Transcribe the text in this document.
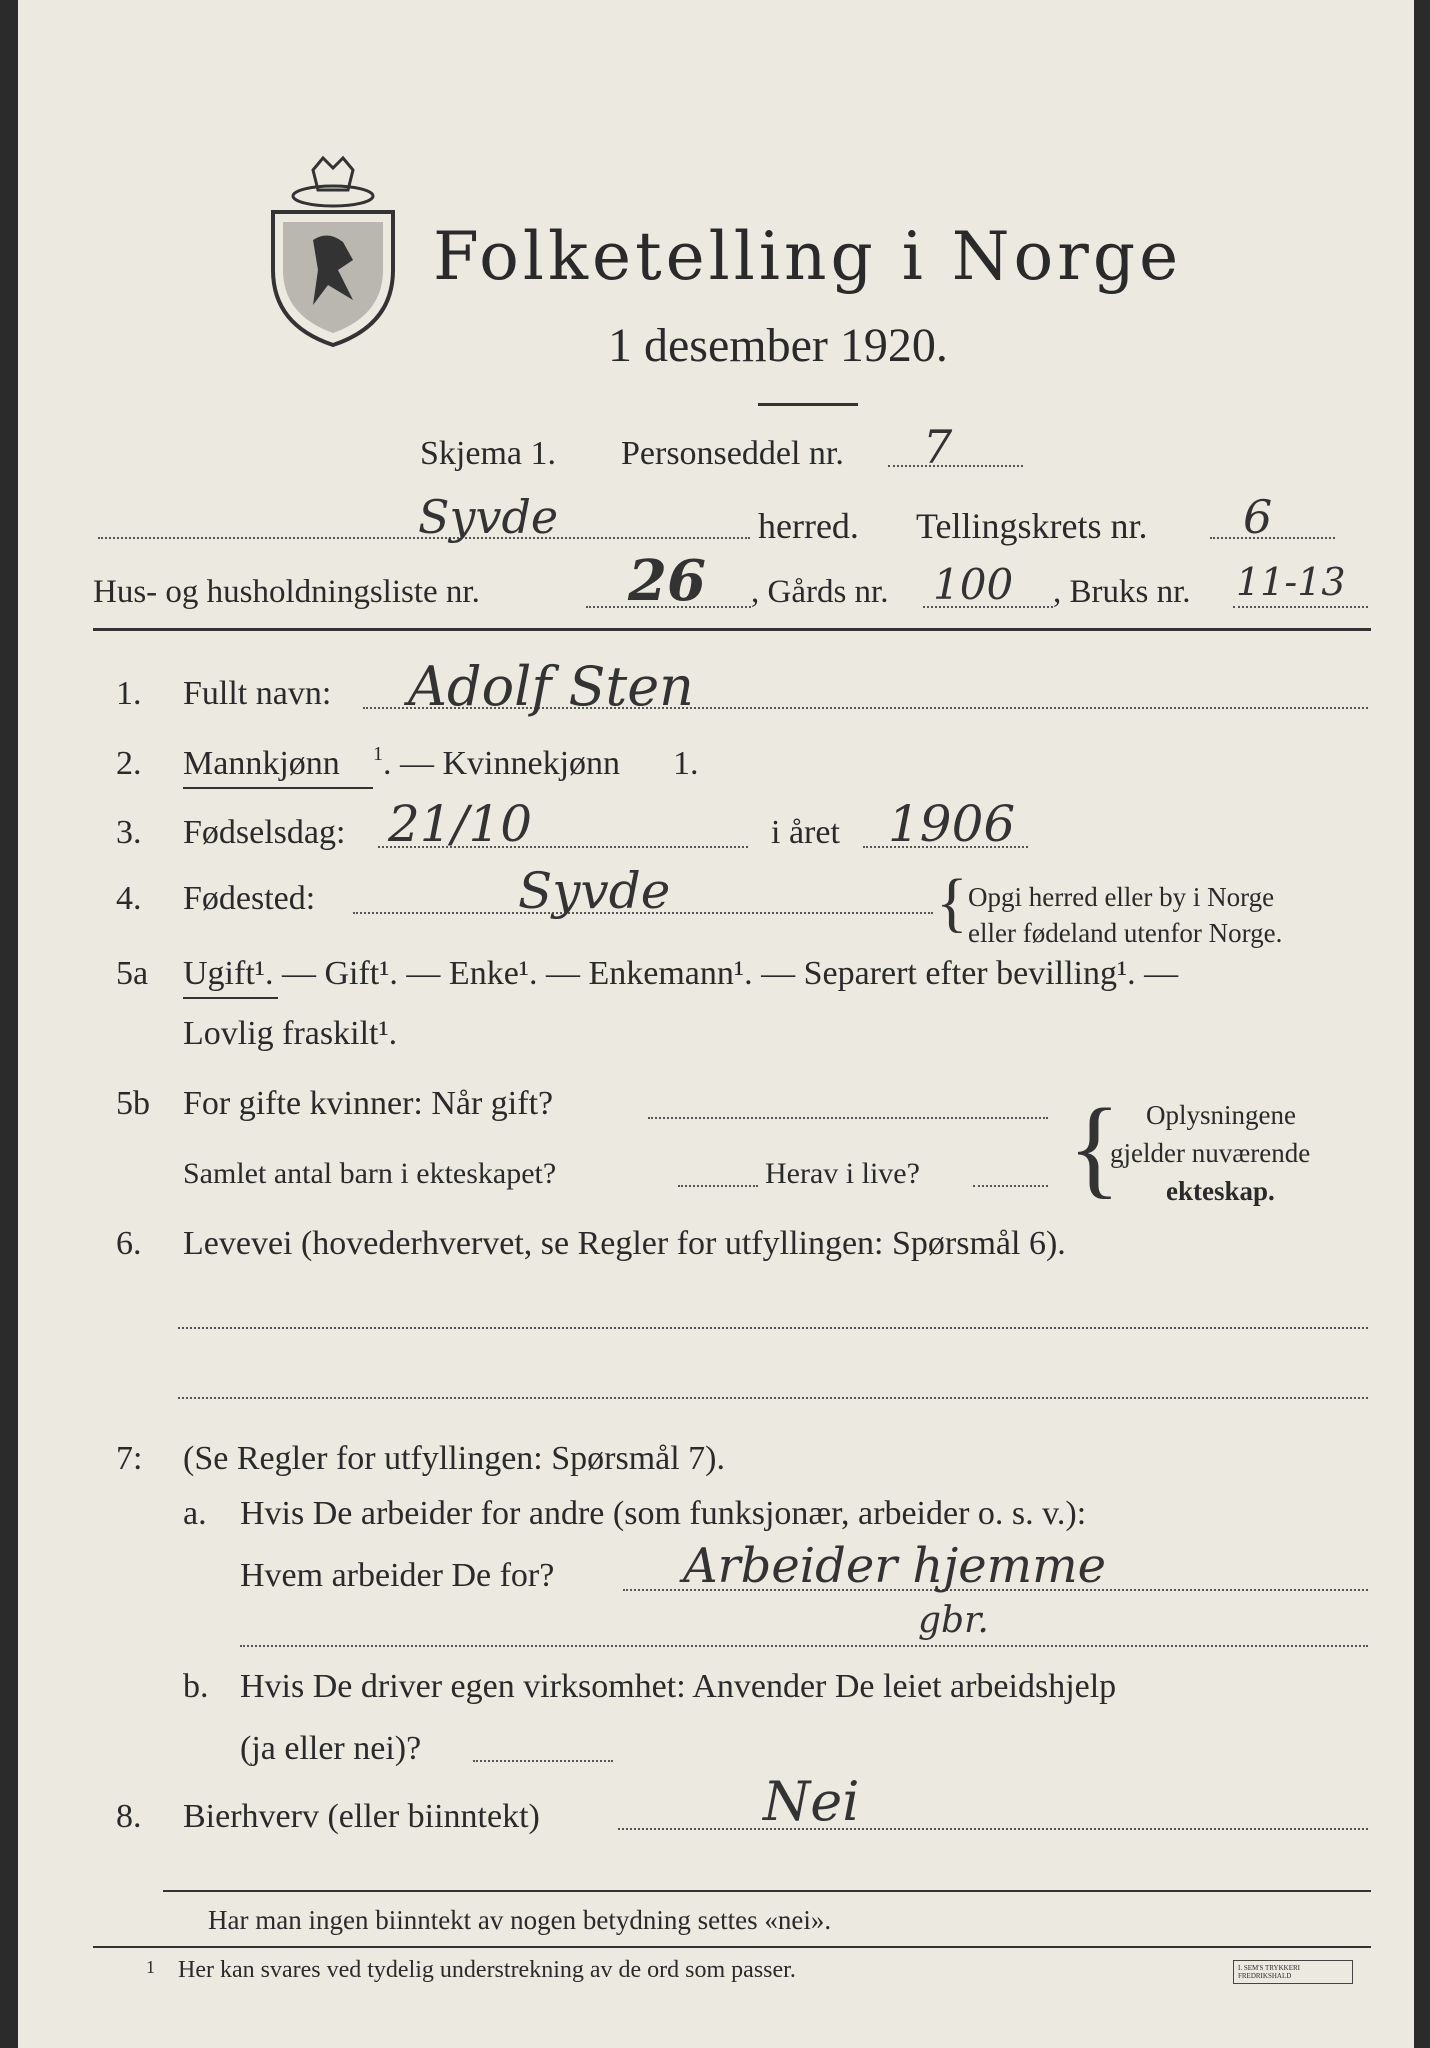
Folketelling i Norge
1 desember 1920.
Skjema 1. Personseddel nr. 7
Syvde	herred. Tellingskrets nr. 6
Hus- og husholdningsliste nr.	26 , Gårds nr. 100 , Bruks nr. 11-13
1. Fullt navn: Adolf Sten
2. Mannkjønn 1 . — Kvinnekjønn 1.
3. Fødselsdag: 21/10	i året 1906
4. Fødested:	Syvde	{ Opgi herred eller by i Norge
eller fødeland utenfor Norge.
5a Ugift¹. — Gift¹. — Enke¹. — Enkemann¹. — Separert efter bevilling¹. —
Lovlig fraskilt¹.
5b For gifte kvinner: Når gift?
Samlet antal barn i ekteskapet?	Herav i live? { Oplysningene
gjelder nuværende
ekteskap.
6. Levevei (hovederhvervet, se Regler for utfyllingen: Spørsmål 6).
7: (Se Regler for utfyllingen: Spørsmål 7).
a. Hvis De arbeider for andre (som funksjonær, arbeider o. s. v.):
Hvem arbeider De for?	Arbeider hjemme
gbr.
b. Hvis De driver egen virksomhet: Anvender De leiet arbeidshjelp
(ja eller nei)?
8. Bierhverv (eller biinntekt)	Nei
Har man ingen biinntekt av nogen betydning settes «nei».
1 Her kan svares ved tydelig understrekning av de ord som passer.	I. SEM'S TRYKKERI FREDRIKSHALD
